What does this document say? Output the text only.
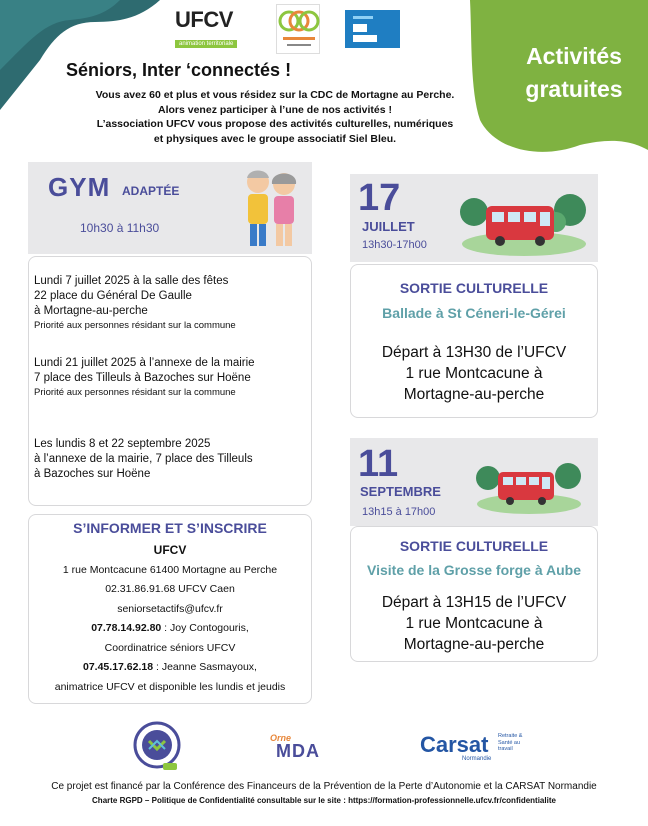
Activités
gratuites
UFCV
animation territoriale
Séniors, Inter ‘connectés !
Vous avez 60 et plus et vous résidez sur la CDC de Mortagne au Perche.
Alors venez participer à l’une de nos activités !
L’association UFCV vous propose des activités culturelles, numériques
et physiques avec le groupe associatif Siel Bleu.
GYM ADAPTÉE
10h30 à 11h30
Lundi 7 juillet 2025 à la salle des fêtes
22 place du Général De Gaulle
à Mortagne-au-perche
Priorité aux personnes résidant sur la commune
Lundi 21 juillet 2025 à l’annexe de la mairie
7 place des Tilleuls à Bazoches sur Hoëne
Priorité aux personnes résidant sur la commune
Les lundis 8 et 22 septembre 2025
à l’annexe de la mairie, 7 place des Tilleuls
à Bazoches sur Hoëne
S’INFORMER ET S’INSCRIRE
UFCV
1 rue Montcacune 61400 Mortagne au Perche
02.31.86.91.68 UFCV Caen
seniorsetactifs@ufcv.fr
07.78.14.92.80 : Joy Contogouris,
Coordinatrice séniors UFCV
07.45.17.62.18 : Jeanne Sasmayoux,
animatrice UFCV et disponible les lundis et jeudis
17
JUILLET
13h30-17h00
SORTIE CULTURELLE
Ballade à St Céneri-le-Gérei
Départ à 13H30 de l’UFCV
1 rue Montcacune à
Mortagne-au-perche
11
SEPTEMBRE
13h15 à 17h00
SORTIE CULTURELLE
Visite de la Grosse forge à Aube
Départ à 13H15 de l’UFCV
1 rue Montcacune à
Mortagne-au-perche
Orne
MDA	Carsat Retraite & Santé au travail
Normandie
Ce projet est financé par la Conférence des Financeurs de la Prévention de la Perte d’Autonomie et la CARSAT Normandie
Charte RGPD – Politique de Confidentialité consultable sur le site : https://formation-professionnelle.ufcv.fr/confidentialite
